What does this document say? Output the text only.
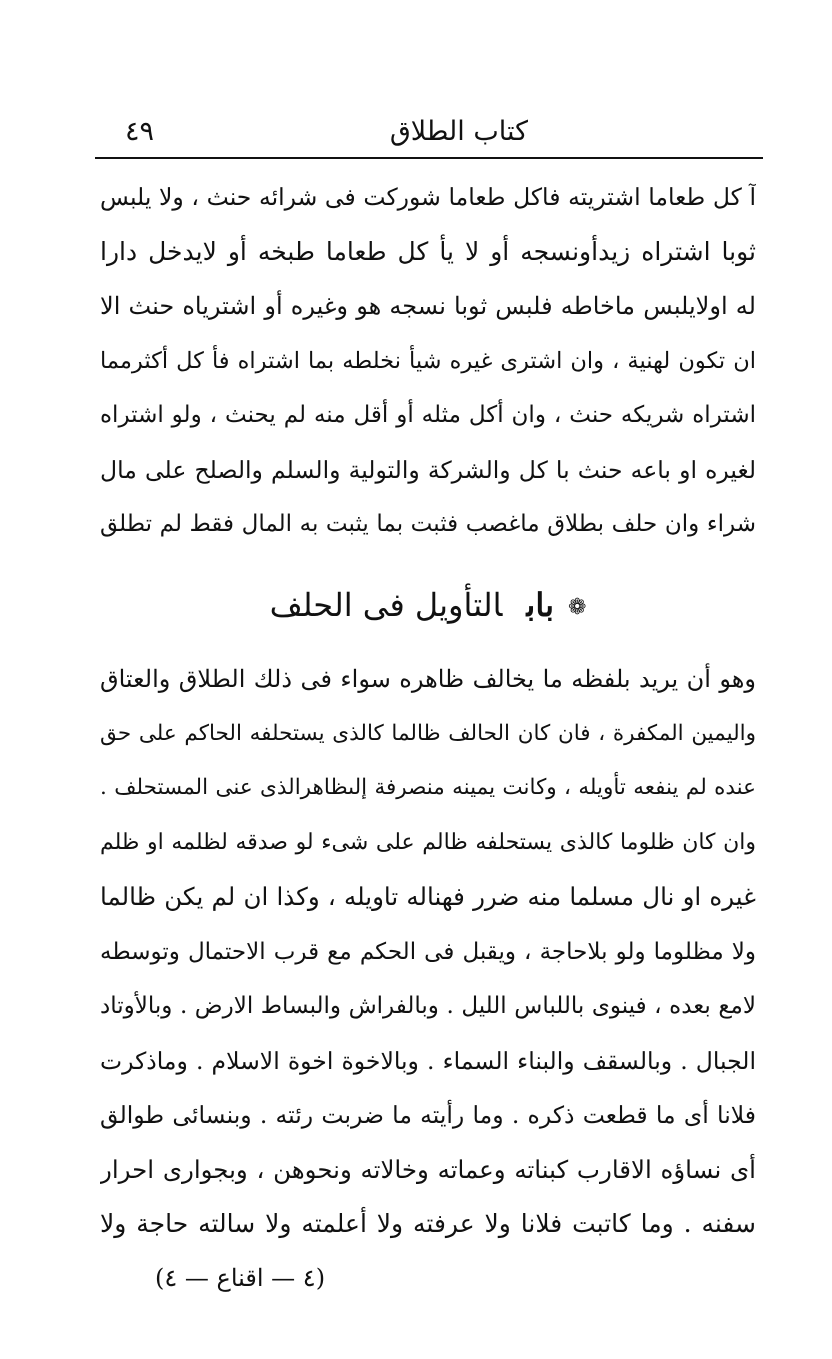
كتاب الطلاق
٤٩
آ كل طعاما اشتريته فاكل طعاما شوركت فى شرائه حنث ، ولا يلبس
ثوبا اشتراه زيدأونسجه أو لا يأ كل طعاما طبخه أو لايدخل دارا
له اولايلبس ماخاطه فلبس ثوبا نسجه هو وغيره أو اشترياه حنث الا
ان تكون لهنية ، وان اشترى غيره شيأ نخلطه بما اشتراه فأ كل أكثرمما
اشتراه شريكه حنث ، وان أكل مثله أو أقل منه لم يحنث ، ولو اشتراه
لغيره او باعه حنث با كل والشركة والتولية والسلم والصلح على مال
شراء وان حلف بطلاق ماغصب فثبت بما يثبت به المال فقط لم تطلق
❁بابالتأويل فى الحلف
وهو أن يريد بلفظه ما يخالف ظاهره سواء فى ذلك الطلاق والعتاق
واليمين المكفرة ، فان كان الحالف ظالما كالذى يستحلفه الحاكم على حق
عنده لم ينفعه تأويله ، وكانت يمينه منصرفة إلىظاهرالذى عنى المستحلف .
وان كان ظلوما كالذى يستحلفه ظالم على شىء لو صدقه لظلمه او ظلم
غيره او نال مسلما منه ضرر فهناله تاويله ، وكذا ان لم يكن ظالما
ولا مظلوما ولو بلاحاجة ، ويقبل فى الحكم مع قرب الاحتمال وتوسطه
لامع بعده ، فينوى باللباس الليل . وبالفراش والبساط الارض . وبالأوتاد
الجبال . وبالسقف والبناء السماء . وبالاخوة اخوة الاسلام . وماذكرت
فلانا أى ما قطعت ذكره . وما رأيته ما ضربت رئته . وبنسائى طوالق
أى نساؤه الاقارب كبناته وعماته وخالاته ونحوهن ، وبجوارى احرار
سفنه . وما كاتبت فلانا ولا عرفته ولا أعلمته ولا سالته حاجة ولا
(٤ — اقناع — ٤)
